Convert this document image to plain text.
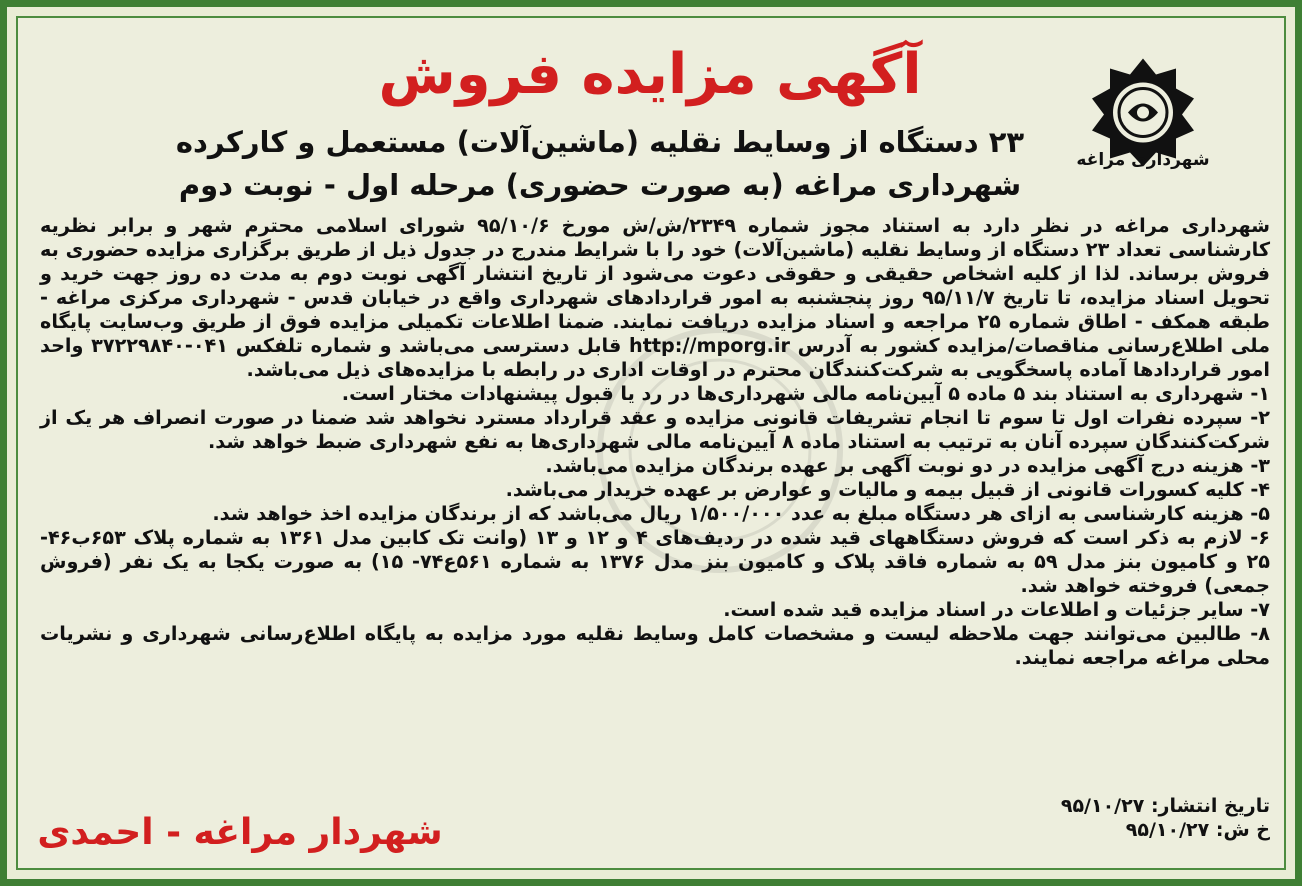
آگهی مزایده فروش
۲۳ دستگاه از وسایط نقلیه (ماشین‌آلات) مستعمل و کارکرده
شهرداری مراغه (به صورت حضوری) مرحله اول - نوبت دوم
شهرداری مراغه

شهرداری مراغه در نظر دارد به استناد مجوز شماره ۲۳۴۹/ش/ش مورخ ۹۵/۱۰/۶ شورای اسلامی محترم شهر و برابر نظریه کارشناسی تعداد ۲۳ دستگاه از وسایط نقلیه (ماشین‌آلات) خود را با شرایط مندرج در جدول ذیل از طریق برگزاری مزایده حضوری به فروش برساند. لذا از کلیه اشخاص حقیقی و حقوقی دعوت می‌شود از تاریخ انتشار آگهی نوبت دوم به مدت ده روز جهت خرید و تحویل اسناد مزایده، تا تاریخ ۹۵/۱۱/۷ روز پنجشنبه به امور قراردادهای شهرداری واقع در خیابان قدس - شهرداری مرکزی مراغه - طبقه همکف - اطاق شماره ۲۵ مراجعه و اسناد مزایده دریافت نمایند. ضمنا اطلاعات تکمیلی مزایده فوق از طریق وب‌سایت پایگاه ملی اطلاع‌رسانی مناقصات/مزایده کشور به آدرس http://mporg.ir قابل دسترسی می‌باشد و شماره تلفکس ۰۴۱-۳۷۲۲۹۸۴۰ واحد امور قراردادها آماده پاسخگویی به شرکت‌کنندگان محترم در اوقات اداری در رابطه با مزایده‌های ذیل می‌باشد.

۱- شهرداری به استناد بند ۵ ماده ۵ آیین‌نامه مالی شهرداری‌ها در رد یا قبول پیشنهادات مختار است.

۲- سپرده نفرات اول تا سوم تا انجام تشریفات قانونی مزایده و عقد قرارداد مسترد نخواهد شد ضمنا در صورت انصراف هر یک از شرکت‌کنندگان سپرده آنان به ترتیب به استناد ماده ۸ آیین‌نامه مالی شهرداری‌ها به نفع شهرداری ضبط خواهد شد.

۳- هزینه درج آگهی مزایده در دو نوبت آگهی بر عهده برندگان مزایده می‌باشد.

۴- کلیه کسورات قانونی از قبیل بیمه و مالیات و عوارض بر عهده خریدار می‌باشد.

۵- هزینه کارشناسی به ازای هر دستگاه مبلغ به عدد ۱/۵۰۰/۰۰۰ ریال می‌باشد که از برندگان مزایده اخذ خواهد شد.

۶- لازم به ذکر است که فروش دستگاههای قید شده در ردیف‌های ۴ و ۱۲ و ۱۳ (وانت تک کابین مدل ۱۳۶۱ به شماره پلاک ۶۵۳ب۴۶- ۲۵ و کامیون بنز مدل ۵۹ به شماره فاقد پلاک و کامیون بنز مدل ۱۳۷۶ به شماره ۵۶۱ع۷۴- ۱۵) به صورت یکجا به یک نفر (فروش جمعی) فروخته خواهد شد.

۷- سایر جزئیات و اطلاعات در اسناد مزایده قید شده است.

۸- طالبین می‌توانند جهت ملاحظه لیست و مشخصات کامل وسایط نقلیه مورد مزایده به پایگاه اطلاع‌رسانی شهرداری و نشریات محلی مراغه مراجعه نمایند.

تاریخ انتشار: ۹۵/۱۰/۲۷
خ ش: ۹۵/۱۰/۲۷
شهردار مراغه - احمدی
